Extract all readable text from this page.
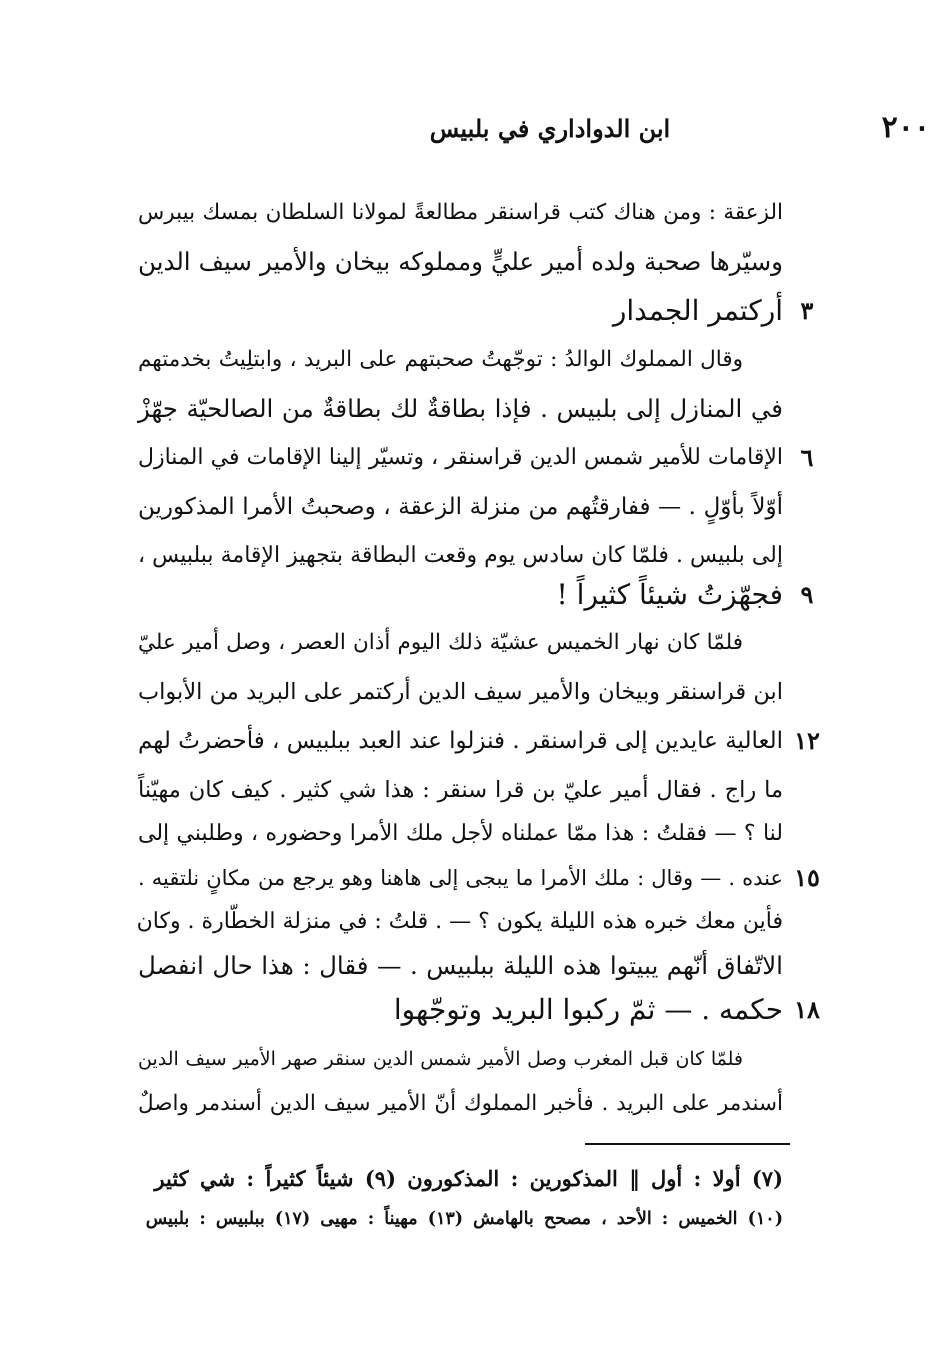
٢٠٠
ابن الدواداري في بلبيس
الزعقة : ومن هناك كتب قراسنقر مطالعةً لمولانا السلطان بمسك بيبرس
وسيّرها صحبة ولده أمير عليٍّ ومملوكه بيخان والأمير سيف الدين
أركتمر الجمدار ٣
وقال المملوك الوالدُ : توجّهتُ صحبتهم على البريد ، وابتلِيتُ بخدمتهم
في المنازل إلى بلبيس . فإذا بطاقةٌ لك بطاقةٌ من الصالحيّة جهّزْ
الإقامات للأمير شمس الدين قراسنقر ، وتسيّر إلينا الإقامات في المنازل ٦
أوّلاً بأوّلٍ . — ففارقتُهم من منزلة الزعقة ، وصحبتُ الأمرا المذكورين
إلى بلبيس . فلمّا كان سادس يوم وقعت البطاقة بتجهيز الإقامة ببلبيس ،
فجهّزتُ شيئاً كثيراً ! ٩
فلمّا كان نهار الخميس عشيّة ذلك اليوم أذان العصر ، وصل أمير عليّ
ابن قراسنقر وبيخان والأمير سيف الدين أركتمر على البريد من الأبواب
العالية عايدين إلى قراسنقر . فنزلوا عند العبد ببلبيس ، فأحضرتُ لهم ١٢
ما راج . فقال أمير عليّ بن قرا سنقر : هذا شي كثير . كيف كان مهيّناً
لنا ؟ — فقلتُ : هذا ممّا عملناه لأجل ملك الأمرا وحضوره ، وطلبني إلى
عنده . — وقال : ملك الأمرا ما يبجى إلى هاهنا وهو يرجع من مكانٍ نلتقيه . ١٥
فأين معك خبره هذه الليلة يكون ؟ — . قلتُ : في منزلة الخطّارة . وكان
الاتّفاق أنّهم يبيتوا هذه الليلة ببلبيس . — فقال : هذا حال انفصل
حكمه . — ثمّ ركبوا البريد وتوجّهوا ١٨
فلمّا كان قبل المغرب وصل الأمير شمس الدين سنقر صهر الأمير سيف الدين
أسندمر على البريد . فأخبر المملوك أنّ الأمير سيف الدين أسندمر واصلٌ
(٧) أولا : أول ‖ المذكورين : المذكورون (٩) شيئاً كثيراً : شي كثير
(١٠) الخميس : الأحد ، مصحح بالهامش (١٣) مهيناً : مهيى (١٧) ببلبيس : بلبيس
